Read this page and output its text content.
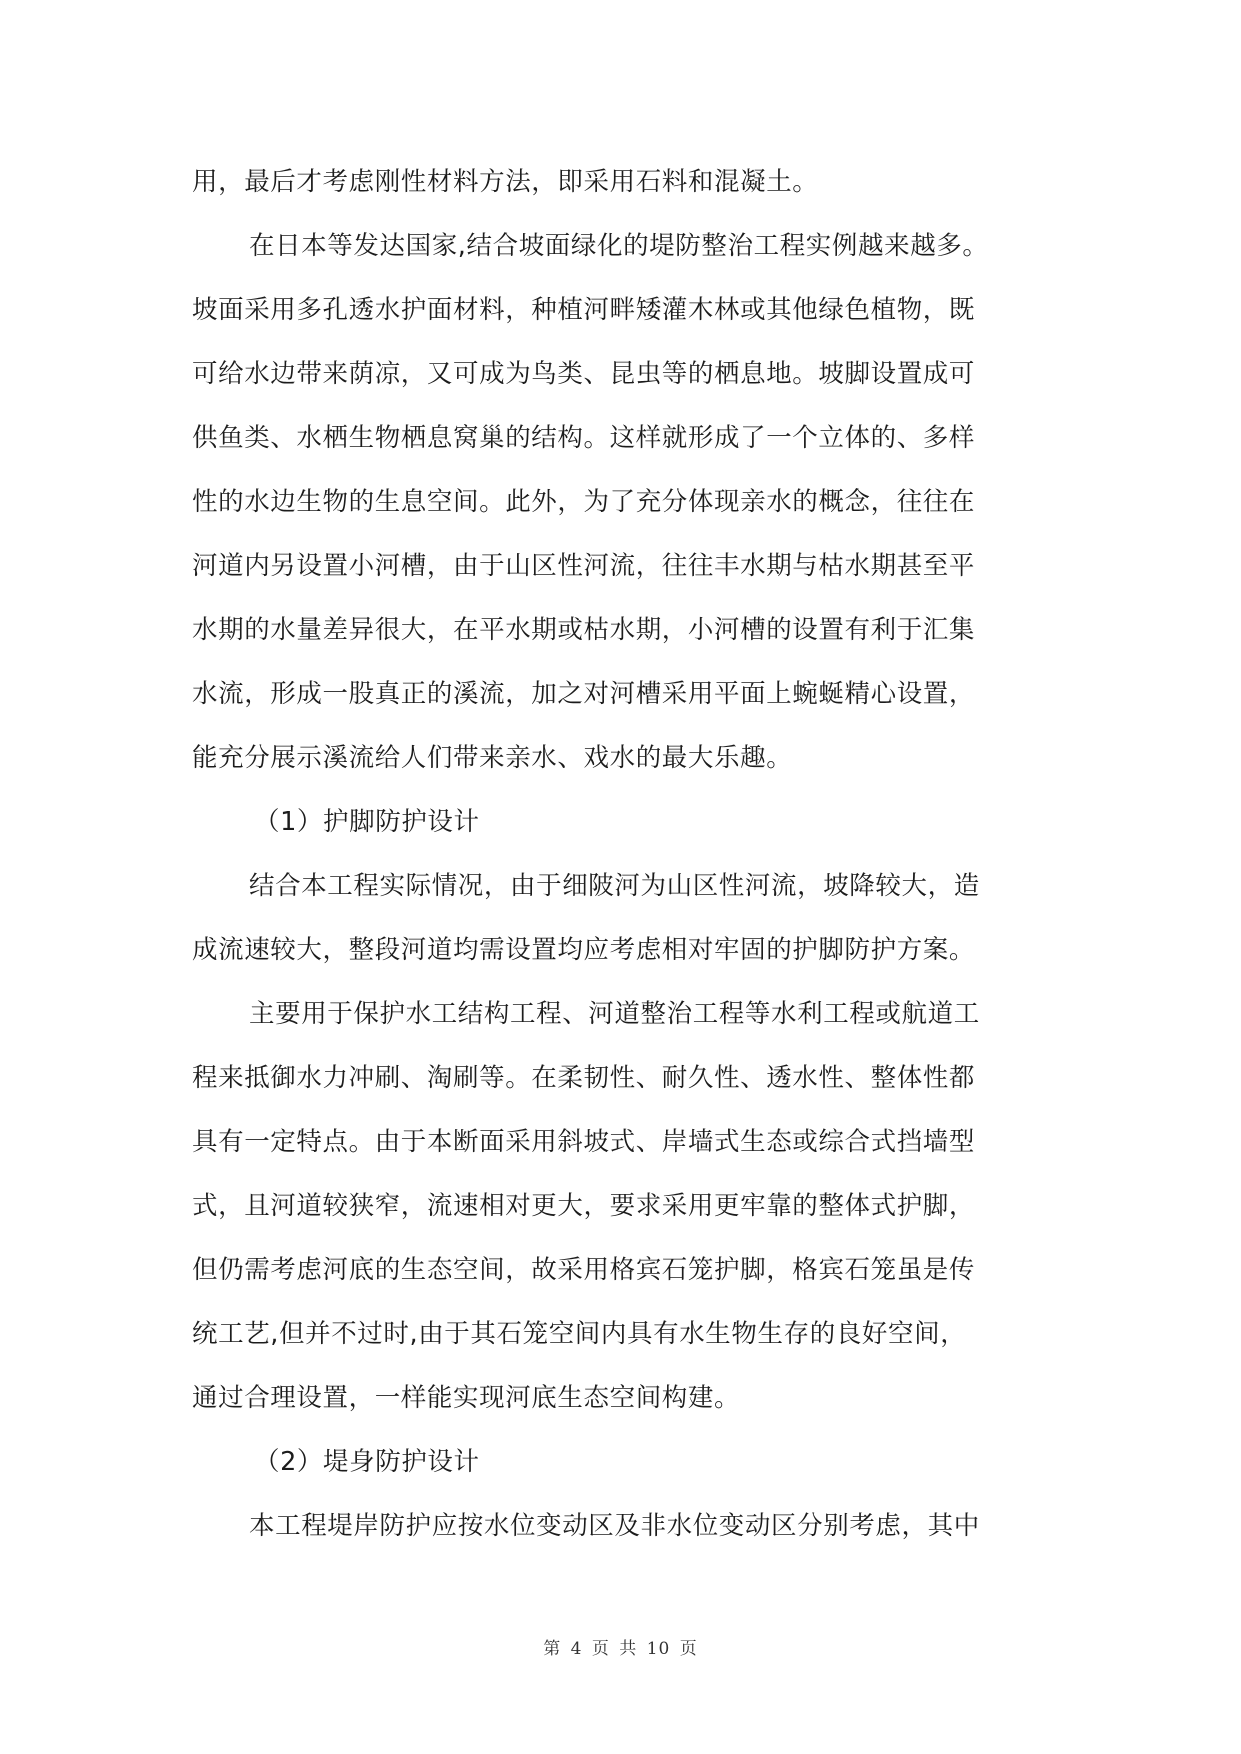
用，最后才考虑刚性材料方法，即采用石料和混凝土。
在日本等发达国家,结合坡面绿化的堤防整治工程实例越来越多。
坡面采用多孔透水护面材料，种植河畔矮灌木林或其他绿色植物，既
可给水边带来荫凉，又可成为鸟类、昆虫等的栖息地。坡脚设置成可
供鱼类、水栖生物栖息窝巢的结构。这样就形成了一个立体的、多样
性的水边生物的生息空间。此外，为了充分体现亲水的概念，往往在
河道内另设置小河槽，由于山区性河流，往往丰水期与枯水期甚至平
水期的水量差异很大，在平水期或枯水期，小河槽的设置有利于汇集
水流，形成一股真正的溪流，加之对河槽采用平面上蜿蜒精心设置，
能充分展示溪流给人们带来亲水、戏水的最大乐趣。
（1）护脚防护设计
结合本工程实际情况，由于细陂河为山区性河流，坡降较大，造
成流速较大，整段河道均需设置均应考虑相对牢固的护脚防护方案。
主要用于保护水工结构工程、河道整治工程等水利工程或航道工
程来抵御水力冲刷、淘刷等。在柔韧性、耐久性、透水性、整体性都
具有一定特点。由于本断面采用斜坡式、岸墙式生态或综合式挡墙型
式，且河道较狭窄，流速相对更大，要求采用更牢靠的整体式护脚，
但仍需考虑河底的生态空间，故采用格宾石笼护脚，格宾石笼虽是传
统工艺,但并不过时,由于其石笼空间内具有水生物生存的良好空间，
通过合理设置，一样能实现河底生态空间构建。
（2）堤身防护设计
本工程堤岸防护应按水位变动区及非水位变动区分别考虑，其中
第 4 页 共 10 页
